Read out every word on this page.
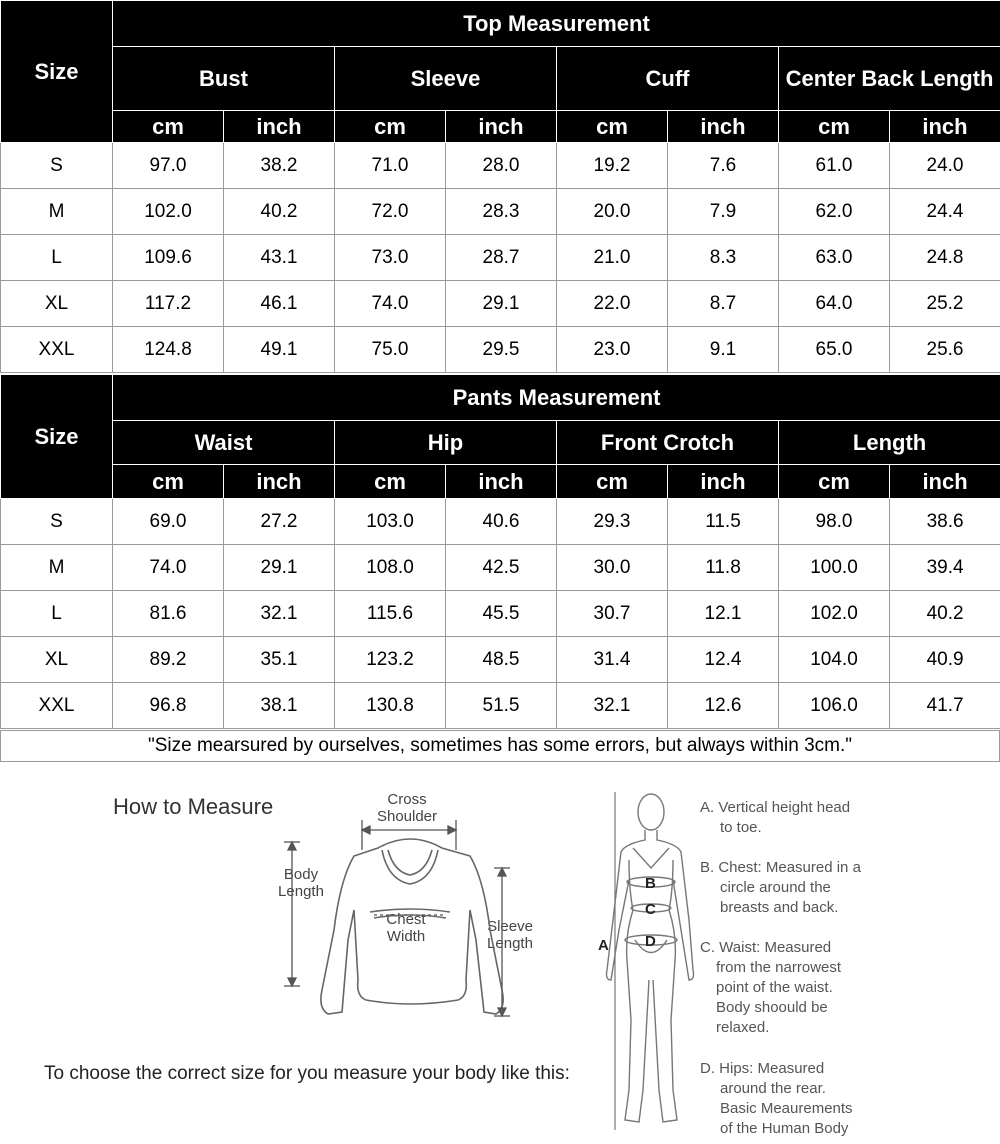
Size	Top Measurement							
	Bust		Sleeve		Cuff		Center Back Length	
	cm	inch	cm	inch	cm	inch	cm	inch
S	97.0	38.2	71.0	28.0	19.2	7.6	61.0	24.0
M	102.0	40.2	72.0	28.3	20.0	7.9	62.0	24.4
L	109.6	43.1	73.0	28.7	21.0	8.3	63.0	24.8
XL	117.2	46.1	74.0	29.1	22.0	8.7	64.0	25.2
XXL	124.8	49.1	75.0	29.5	23.0	9.1	65.0	25.6
Size	Pants Measurement							
	Waist		Hip		Front Crotch		Length	
	cm	inch	cm	inch	cm	inch	cm	inch
S	69.0	27.2	103.0	40.6	29.3	11.5	98.0	38.6
M	74.0	29.1	108.0	42.5	30.0	11.8	100.0	39.4
L	81.6	32.1	115.6	45.5	30.7	12.1	102.0	40.2
XL	89.2	35.1	123.2	48.5	31.4	12.4	104.0	40.9
XXL	96.8	38.1	130.8	51.5	32.1	12.6	106.0	41.7
"Size mearsured by ourselves, sometimes has some errors, but always within 3cm."
How to Measure	Cross
Shoulder
Body
Length
Chest
Width
Sleeve
Length
To choose the correct size for you measure your body like this:
A
B
C
D
A. Vertical height head
to toe.
B. Chest: Measured in a
circle around the
breasts and back.
C. Waist: Measured
from the narrowest
point of the waist.
Body shoould be
relaxed.
D. Hips: Measured
around the rear.
Basic Meaurements
of the Human Body
